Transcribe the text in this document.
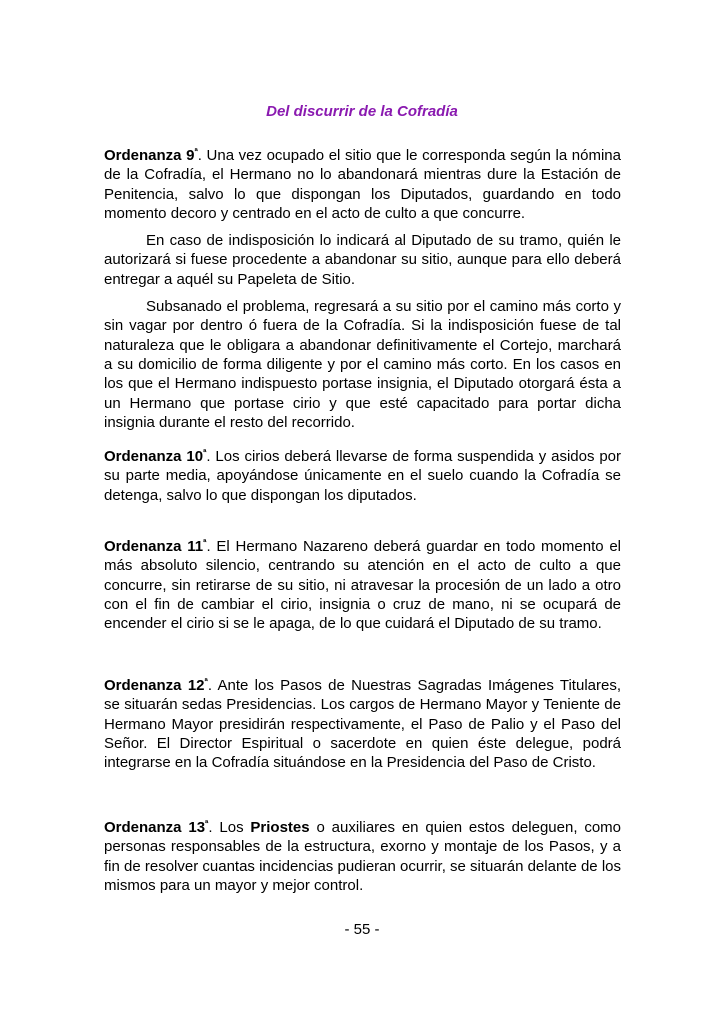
Del discurrir de la Cofradía

Ordenanza $9^ª$. Una vez ocupado el sitio que le corresponda según la nómina de la Cofradía, el Hermano no lo abandonará mientras dure la Estación de Penitencia, salvo lo que dispongan los Diputados, guardando en todo momento decoro y centrado en el acto de culto a que concurre.

En caso de indisposición lo indicará al Diputado de su tramo, quién le autorizará si fuese procedente a abandonar su sitio, aunque para ello deberá entregar a aquél su Papeleta de Sitio.

Subsanado el problema, regresará a su sitio por el camino más corto y sin vagar por dentro ó fuera de la Cofradía. Si la indisposición fuese de tal naturaleza que le obligara a abandonar definitivamente el Cortejo, marchará a su domicilio de forma diligente y por el camino más corto. En los casos en los que el Hermano indispuesto portase insignia, el Diputado otorgará ésta a un Hermano que portase cirio y que esté capacitado para portar dicha insignia durante el resto del recorrido.

Ordenanza $10^ª$. Los cirios deberá llevarse de forma suspendida y asidos por su parte media, apoyándose únicamente en el suelo cuando la Cofradía se detenga, salvo lo que dispongan los diputados.

Ordenanza $11^ª$. El Hermano Nazareno deberá guardar en todo momento el más absoluto silencio, centrando su atención en el acto de culto a que concurre, sin retirarse de su sitio, ni atravesar la procesión de un lado a otro con el fin de cambiar el cirio, insignia o cruz de mano, ni se ocupará de encender el cirio si se le apaga, de lo que cuidará el Diputado de su tramo.

Ordenanza $12^ª$. Ante los Pasos de Nuestras Sagradas Imágenes Titulares, se situarán sedas Presidencias. Los cargos de Hermano Mayor y Teniente de Hermano Mayor presidirán respectivamente, el Paso de Palio y el Paso del Señor. El Director Espiritual o sacerdote en quien éste delegue, podrá integrarse en la Cofradía situándose en la Presidencia del Paso de Cristo.

Ordenanza $13^ª$. Los Priostes o auxiliares en quien estos deleguen, como personas responsables de la estructura, exorno y montaje de los Pasos, y a fin de resolver cuantas incidencias pudieran ocurrir, se situarán delante de los mismos para un mayor y mejor control.

- 55 -
